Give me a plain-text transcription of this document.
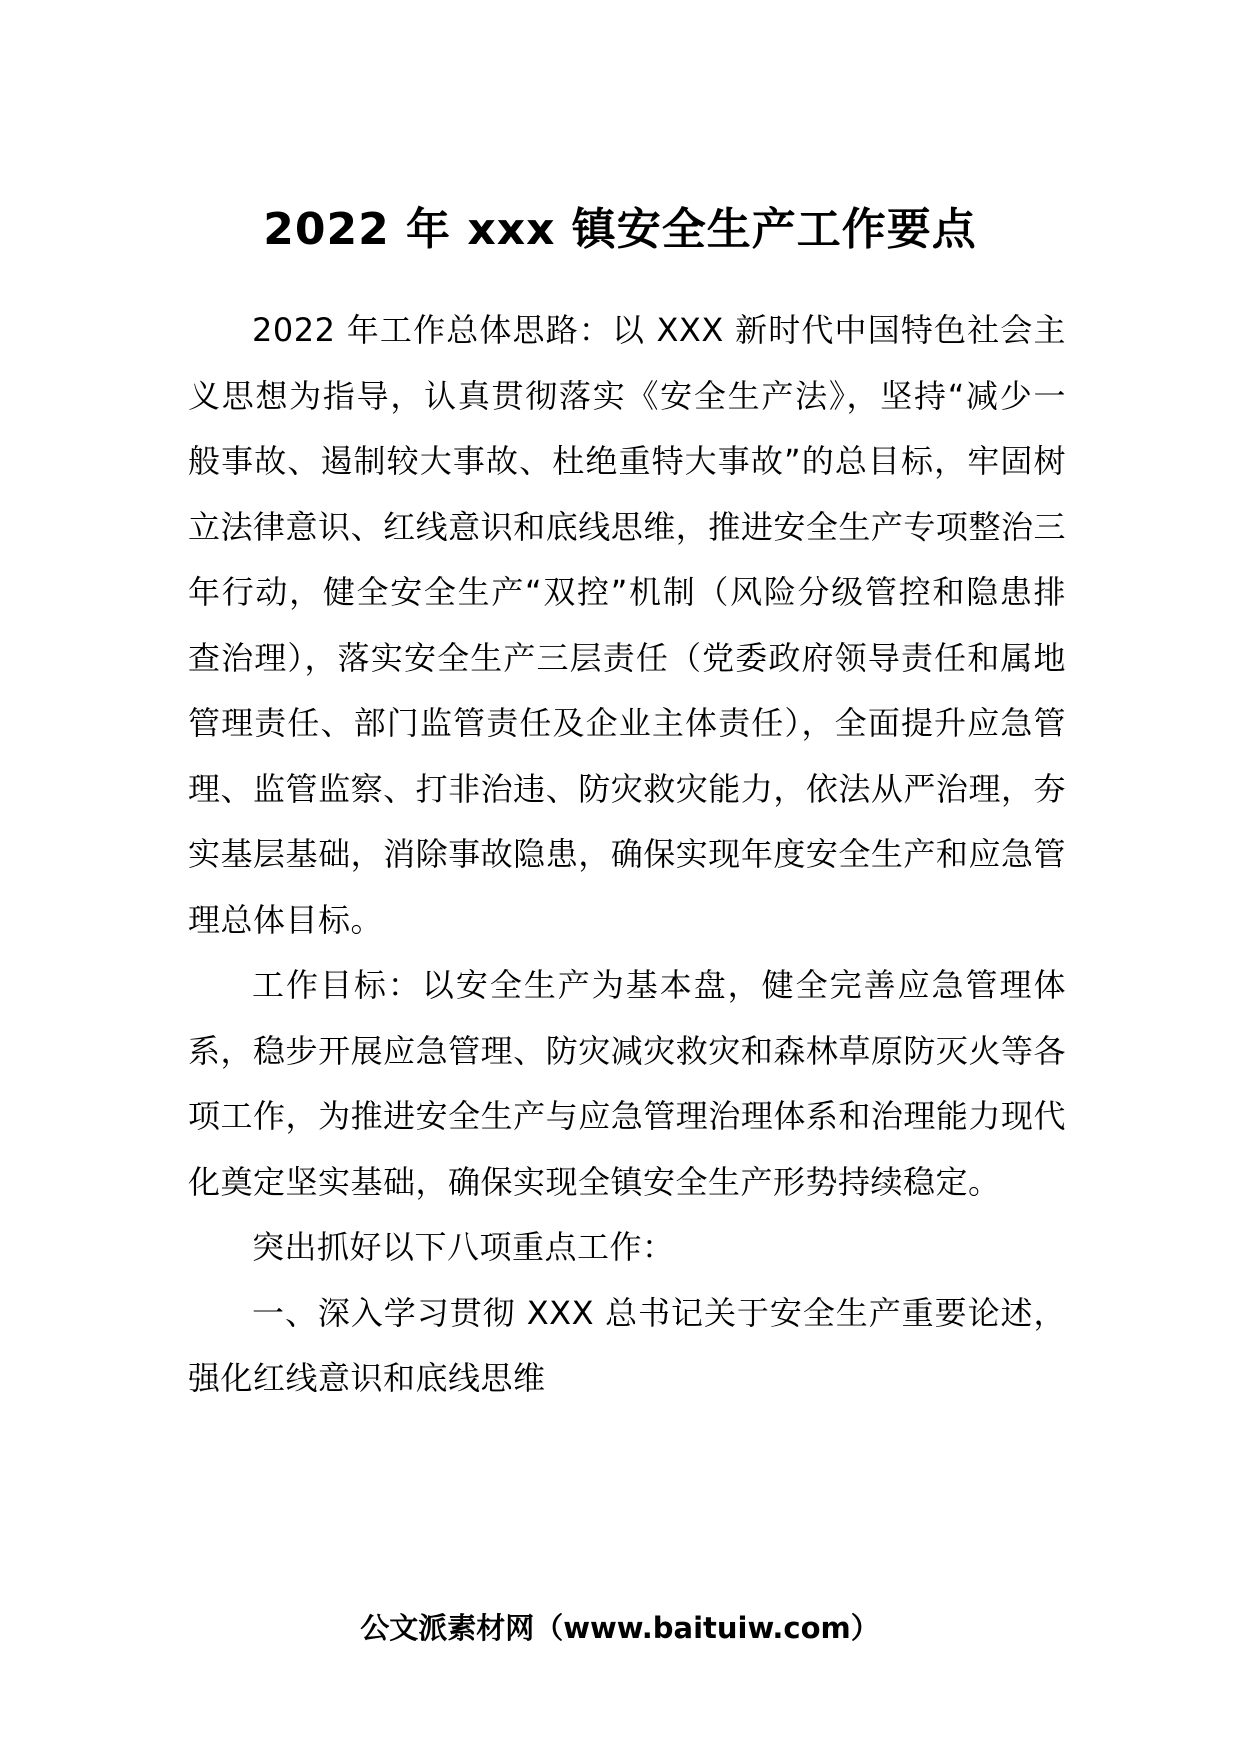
2022 年 xxx 镇安全生产工作要点

2022 年工作总体思路：以 XXX 新时代中国特色社会主义思想为指导，认真贯彻落实《安全生产法》，坚持“减少一般事故、遏制较大事故、杜绝重特大事故”的总目标，牢固树立法律意识、红线意识和底线思维，推进安全生产专项整治三年行动，健全安全生产“双控”机制（风险分级管控和隐患排查治理），落实安全生产三层责任（党委政府领导责任和属地管理责任、部门监管责任及企业主体责任），全面提升应急管理、监管监察、打非治违、防灾救灾能力，依法从严治理，夯实基层基础，消除事故隐患，确保实现年度安全生产和应急管理总体目标。

工作目标：以安全生产为基本盘，健全完善应急管理体系，稳步开展应急管理、防灾减灾救灾和森林草原防灭火等各项工作，为推进安全生产与应急管理治理体系和治理能力现代化奠定坚实基础，确保实现全镇安全生产形势持续稳定。

突出抓好以下八项重点工作：

一、深入学习贯彻 XXX 总书记关于安全生产重要论述，强化红线意识和底线思维

公文派素材网（www.baituiw.com）
